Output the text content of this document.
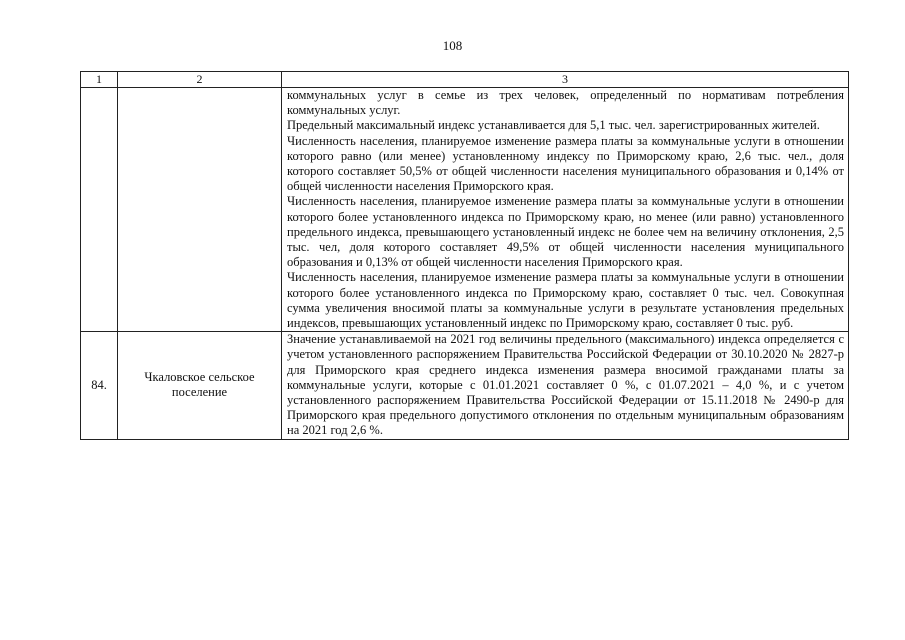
108
1	2	3

		коммунальных услуг в семье из трех человек, определенный по нормативам потребления коммунальных услуг.

Предельный максимальный индекс устанавливается для 5,1 тыс. чел. зарегистрированных жителей.

Численность населения, планируемое изменение размера платы за коммунальные услуги в отношении которого равно (или менее) установленному индексу по Приморскому краю, 2,6 тыс. чел., доля которого составляет 50,5% от общей численности населения муниципального образования и 0,14% от общей численности населения Приморского края.

Численность населения, планируемое изменение размера платы за коммунальные услуги в отношении которого более установленного индекса по Приморскому краю, но менее (или равно) установленного предельного индекса, превышающего установленный индекс не более чем на величину отклонения, 2,5 тыс. чел, доля которого составляет 49,5% от общей численности населения муниципального образования и 0,13% от общей численности населения Приморского края.

Численность населения, планируемое изменение размера платы за коммунальные услуги в отношении которого более установленного индекса по Приморскому краю, составляет 0 тыс. чел. Совокупная сумма увеличения вносимой платы за коммунальные услуги в результате установления предельных индексов, превышающих установленный индекс по Приморскому краю, составляет 0 тыс. руб.

84.	Чкаловское сельское поселение	Значение устанавливаемой на 2021 год величины предельного (максимального) индекса определяется с учетом установленного распоряжением Правительства Российской Федерации от 30.10.2020 № 2827-р для Приморского края среднего индекса изменения размера вносимой гражданами платы за коммунальные услуги, которые с 01.01.2021 составляет 0 %, с 01.07.2021 – 4,0 %, и с учетом установленного распоряжением Правительства Российской Федерации от 15.11.2018 № 2490-р для Приморского края предельного допустимого отклонения по отдельным муниципальным образованиям на 2021 год 2,6 %.
